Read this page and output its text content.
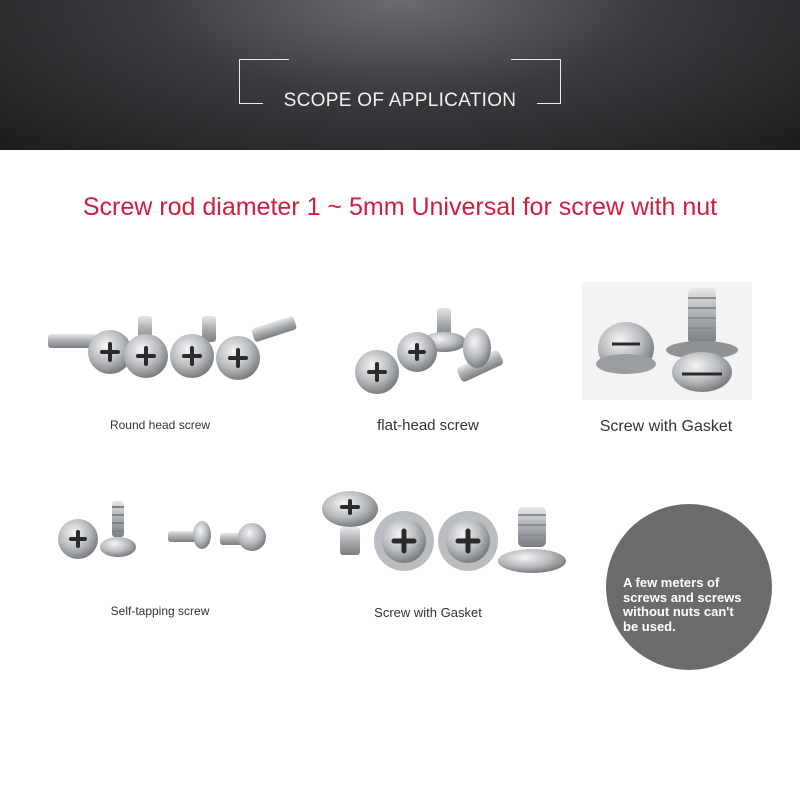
SCOPE OF APPLICATION
Screw rod diameter 1 ~ 5mm Universal for screw with nut
Round head screw	flat-head screw	Screw with Gasket
Self-tapping screw	Screw with Gasket
A few meters of
screws and screws
without nuts can't
be used.
